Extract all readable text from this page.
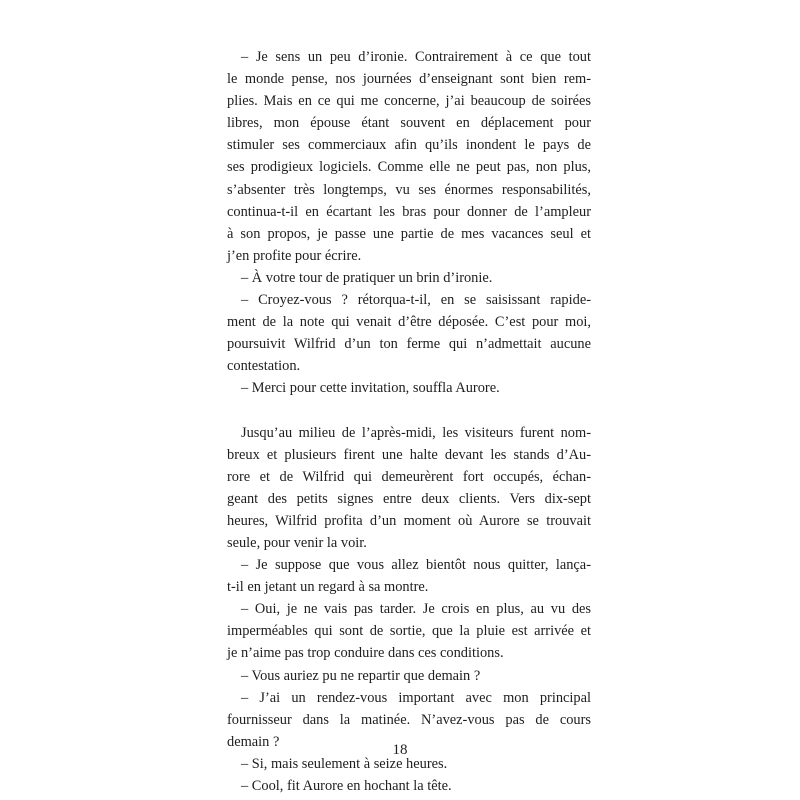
– Je sens un peu d’ironie. Contrairement à ce que tout
le monde pense, nos journées d’enseignant sont bien rem-
plies. Mais en ce qui me concerne, j’ai beaucoup de soirées
libres, mon épouse étant souvent en déplacement pour
stimuler ses commerciaux afin qu’ils inondent le pays de
ses prodigieux logiciels. Comme elle ne peut pas, non plus,
s’absenter très longtemps, vu ses énormes responsabilités,
continua-t-il en écartant les bras pour donner de l’ampleur
à son propos, je passe une partie de mes vacances seul et
j’en profite pour écrire.
– À votre tour de pratiquer un brin d’ironie.
– Croyez-vous ? rétorqua-t-il, en se saisissant rapide-
ment de la note qui venait d’être déposée. C’est pour moi,
poursuivit Wilfrid d’un ton ferme qui n’admettait aucune
contestation.
– Merci pour cette invitation, souffla Aurore.
Jusqu’au milieu de l’après-midi, les visiteurs furent nom-
breux et plusieurs firent une halte devant les stands d’Au-
rore et de Wilfrid qui demeurèrent fort occupés, échan-
geant des petits signes entre deux clients. Vers dix-sept
heures, Wilfrid profita d’un moment où Aurore se trouvait
seule, pour venir la voir.
– Je suppose que vous allez bientôt nous quitter, lança-
t-il en jetant un regard à sa montre.
– Oui, je ne vais pas tarder. Je crois en plus, au vu des
imperméables qui sont de sortie, que la pluie est arrivée et
je n’aime pas trop conduire dans ces conditions.
– Vous auriez pu ne repartir que demain ?
– J’ai un rendez-vous important avec mon principal
fournisseur dans la matinée. N’avez-vous pas de cours
demain ?
– Si, mais seulement à seize heures.
– Cool, fit Aurore en hochant la tête.
18
